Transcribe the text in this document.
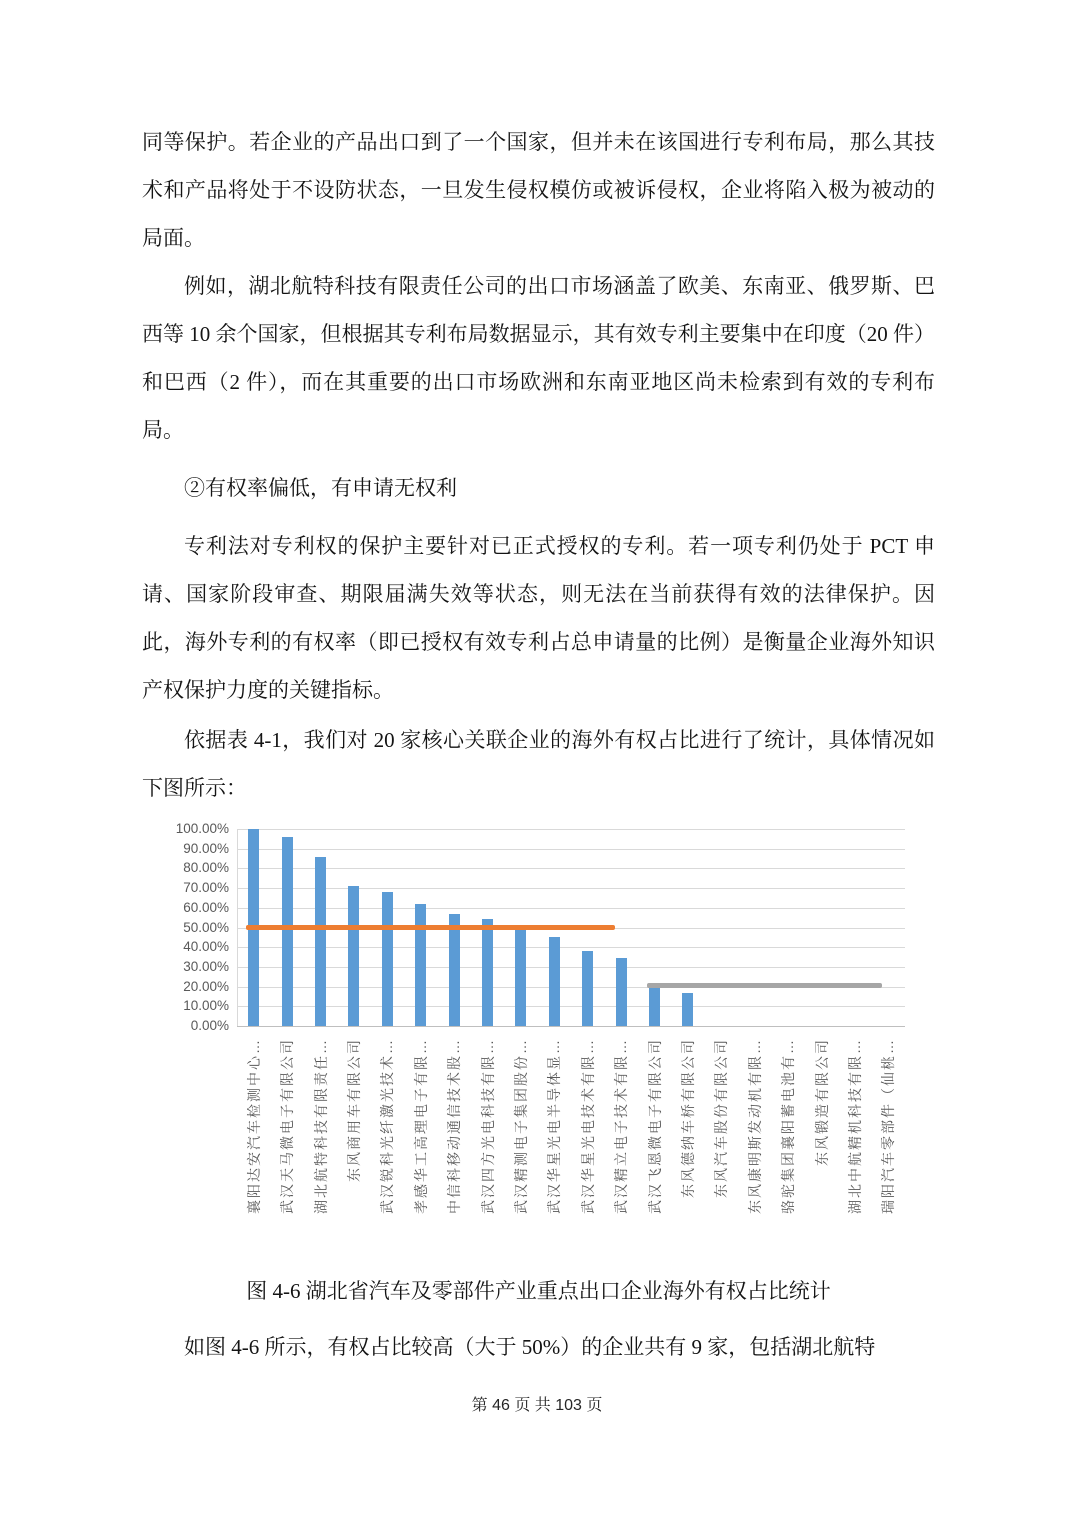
同等保护。若企业的产品出口到了一个国家，但并未在该国进行专利布局，那么其技术和产品将处于不设防状态，一旦发生侵权模仿或被诉侵权，企业将陷入极为被动的局面。

例如，湖北航特科技有限责任公司的出口市场涵盖了欧美、东南亚、俄罗斯、巴西等 10 余个国家，但根据其专利布局数据显示，其有效专利主要集中在印度（20 件）和巴西（2 件），而在其重要的出口市场欧洲和东南亚地区尚未检索到有效的专利布局。

②有权率偏低，有申请无权利

专利法对专利权的保护主要针对已正式授权的专利。若一项专利仍处于 PCT 申请、国家阶段审查、期限届满失效等状态，则无法在当前获得有效的法律保护。因此，海外专利的有权率（即已授权有效专利占总申请量的比例）是衡量企业海外知识产权保护力度的关键指标。

依据表 4-1，我们对 20 家核心关联企业的海外有权占比进行了统计，具体情况如下图所示：

0.00%
10.00%
20.00%
30.00%
40.00%
50.00%
60.00%
70.00%
80.00%
90.00%
100.00%
襄阳达安汽车检测中心… 武汉天马微电子有限公司 湖北航特科技有限责任… 东风商用车有限公司 武汉锐科光纤激光技术… 孝感华工高理电子有限… 中信科移动通信技术股… 武汉四方光电科技有限… 武汉精测电子集团股份… 武汉华星光电半导体显… 武汉华星光电技术有限… 武汉精立电子技术有限… 武汉飞恩微电子有限公司 东风德纳车桥有限公司 东风汽车股份有限公司 东风康明斯发动机有限… 骆驼集团襄阳蓄电池有… 东风锻造有限公司 湖北中航精机科技有限… 瑞阳汽车零部件（仙桃…

图 4-6 湖北省汽车及零部件产业重点出口企业海外有权占比统计

如图 4-6 所示，有权占比较高（大于 50%）的企业共有 9 家，包括湖北航特

第 46 页 共 103 页
